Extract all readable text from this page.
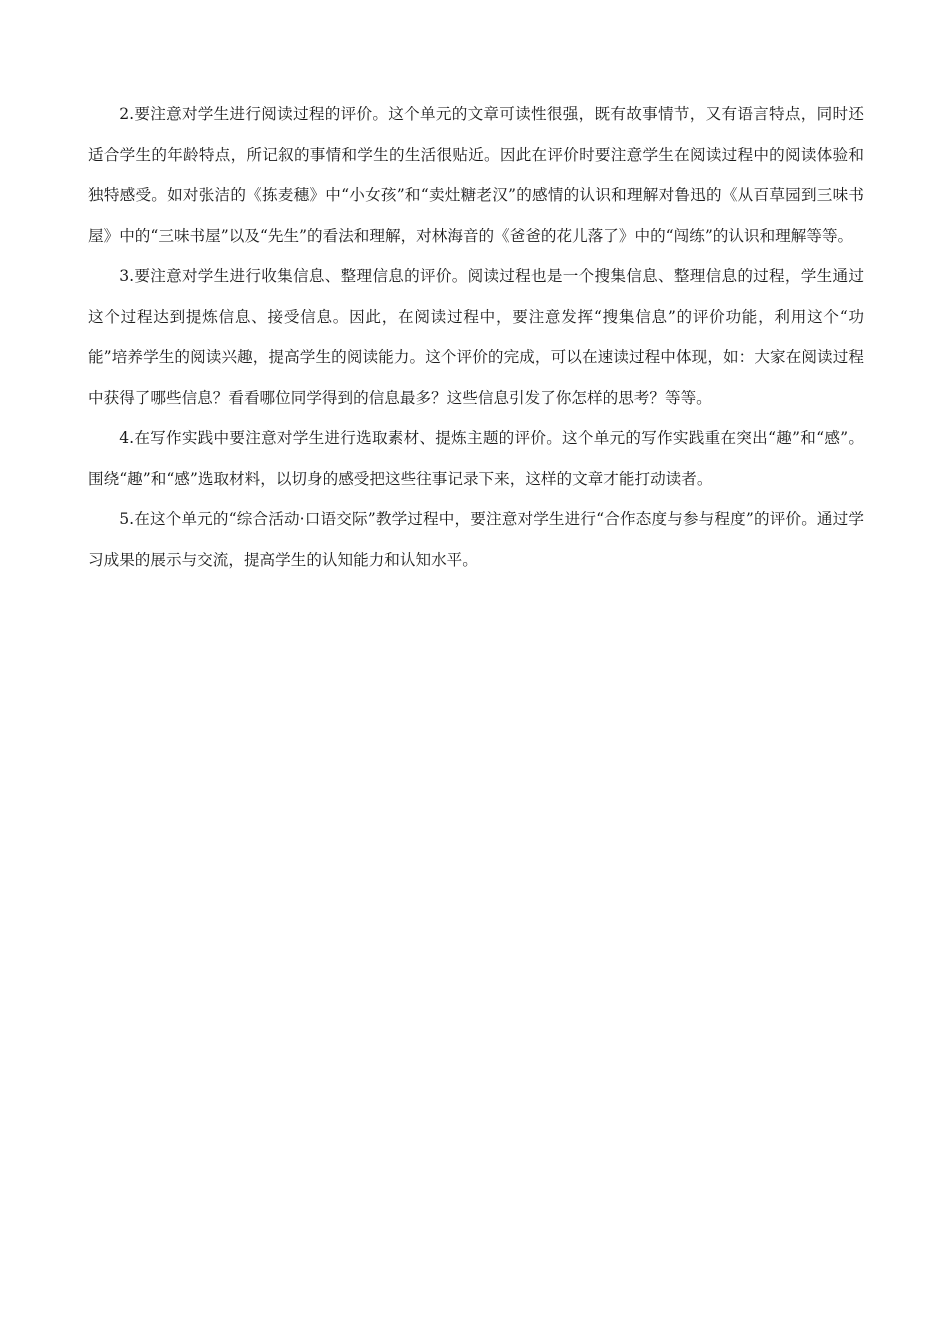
2.要注意对学生进行阅读过程的评价。这个单元的文章可读性很强，既有故事情节，又有语言特点，同时还适合学生的年龄特点，所记叙的事情和学生的生活很贴近。因此在评价时要注意学生在阅读过程中的阅读体验和独特感受。如对张洁的《拣麦穗》中“小女孩”和“卖灶糖老汉”的感情的认识和理解对鲁迅的《从百草园到三味书屋》中的“三味书屋”以及“先生”的看法和理解，对林海音的《爸爸的花儿落了》中的“闯练”的认识和理解等等。

3.要注意对学生进行收集信息、整理信息的评价。阅读过程也是一个搜集信息、整理信息的过程，学生通过这个过程达到提炼信息、接受信息。因此，在阅读过程中，要注意发挥“搜集信息”的评价功能，利用这个“功能”培养学生的阅读兴趣，提高学生的阅读能力。这个评价的完成，可以在速读过程中体现，如：大家在阅读过程中获得了哪些信息？看看哪位同学得到的信息最多？这些信息引发了你怎样的思考？等等。

4.在写作实践中要注意对学生进行选取素材、提炼主题的评价。这个单元的写作实践重在突出“趣”和“感”。围绕“趣”和“感”选取材料，以切身的感受把这些往事记录下来，这样的文章才能打动读者。

5.在这个单元的“综合活动·口语交际”教学过程中，要注意对学生进行“合作态度与参与程度”的评价。通过学习成果的展示与交流，提高学生的认知能力和认知水平。
